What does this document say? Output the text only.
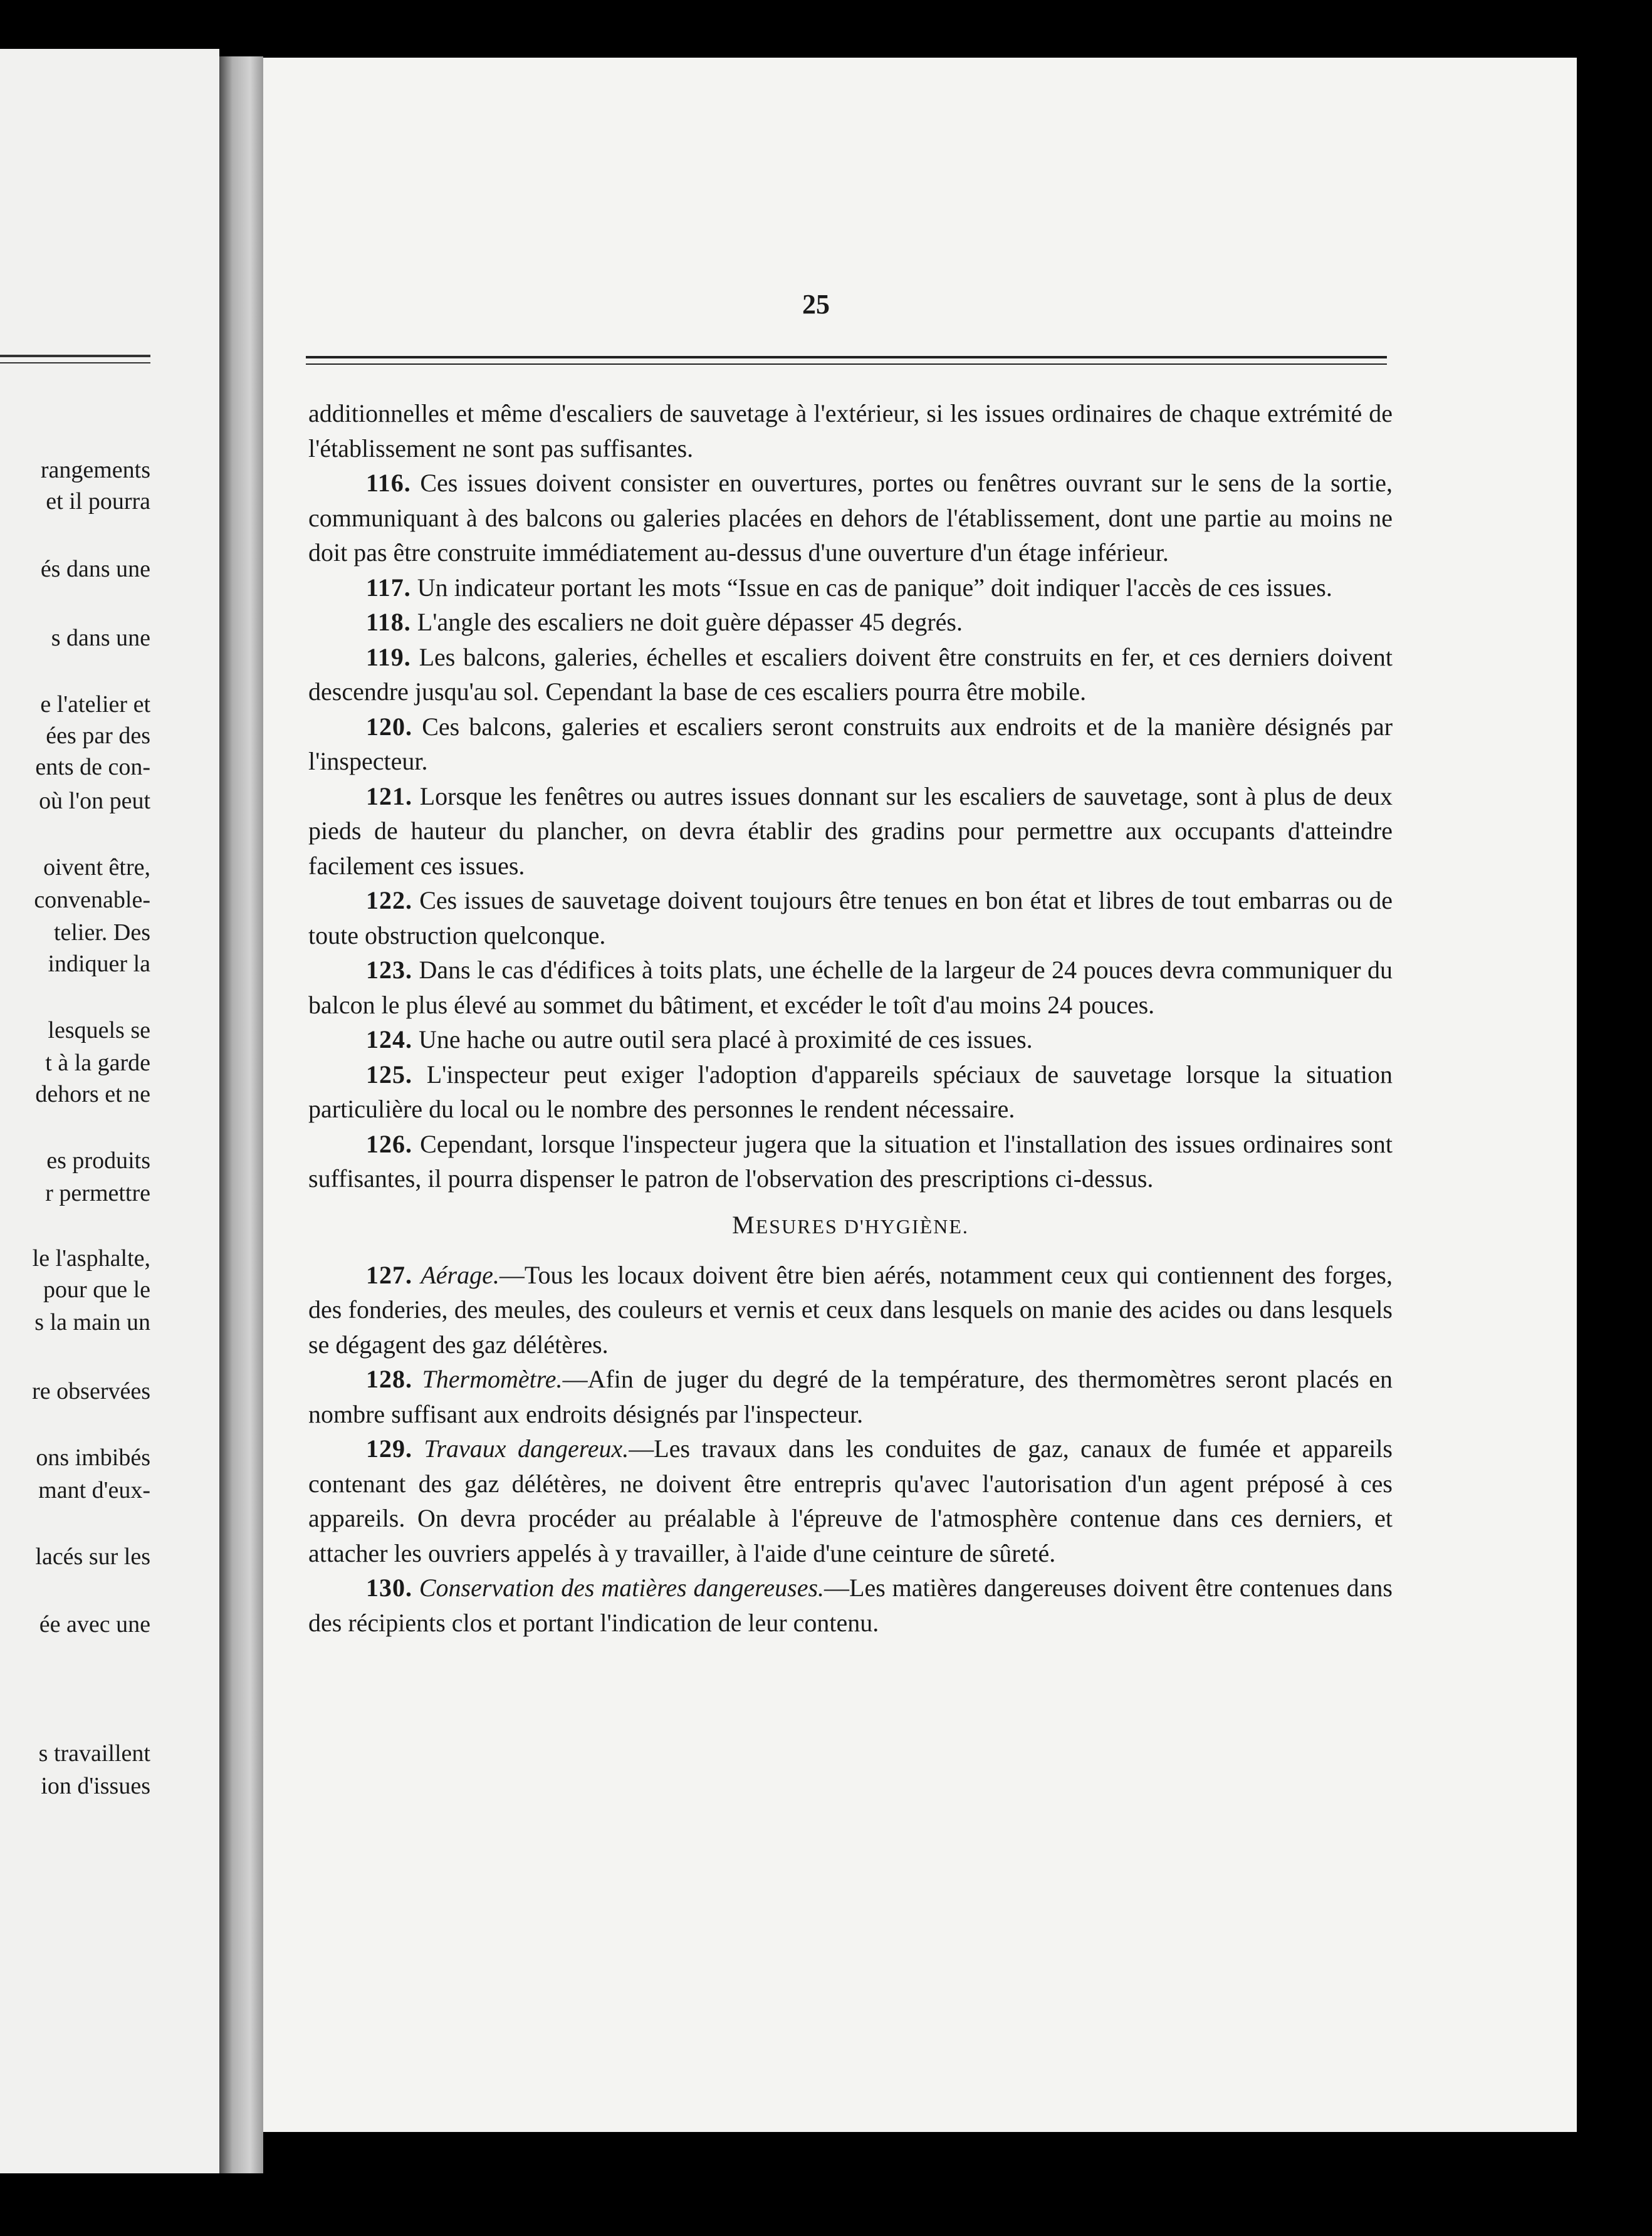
rangements
et il pourra
és dans une
s dans une
e l'atelier et
ées par des
ents de con-
où l'on peut
oivent être,
convenable-
telier. Des
indiquer la
lesquels se
t à la garde
dehors et ne
es produits
r permettre
le l'asphalte,
pour que le
s la main un
re observées
ons imbibés
mant d'eux-
lacés sur les
ée avec une
s travaillent
ion d'issues
25

additionnelles et même d'escaliers de sauvetage à l'extérieur, si les issues ordinaires de chaque extrémité de l'établissement ne sont pas suffisantes.

116. Ces issues doivent consister en ouvertures, portes ou fenêtres ouvrant sur le sens de la sortie, communiquant à des balcons ou galeries placées en dehors de l'établissement, dont une partie au moins ne doit pas être construite immédiatement au-dessus d'une ouverture d'un étage inférieur.

117. Un indicateur portant les mots “Issue en cas de panique” doit indiquer l'accès de ces issues.

118. L'angle des escaliers ne doit guère dépasser 45 degrés.

119. Les balcons, galeries, échelles et escaliers doivent être construits en fer, et ces derniers doivent descendre jusqu'au sol. Cependant la base de ces escaliers pourra être mobile.

120. Ces balcons, galeries et escaliers seront construits aux endroits et de la manière désignés par l'inspecteur.

121. Lorsque les fenêtres ou autres issues donnant sur les escaliers de sauvetage, sont à plus de deux pieds de hauteur du plancher, on devra établir des gradins pour permettre aux occupants d'atteindre facilement ces issues.

122. Ces issues de sauvetage doivent toujours être tenues en bon état et libres de tout embarras ou de toute obstruction quelconque.

123. Dans le cas d'édifices à toits plats, une échelle de la largeur de 24 pouces devra communiquer du balcon le plus élevé au sommet du bâtiment, et excéder le toît d'au moins 24 pouces.

124. Une hache ou autre outil sera placé à proximité de ces issues.

125. L'inspecteur peut exiger l'adoption d'appareils spéciaux de sauvetage lorsque la situation particulière du local ou le nombre des personnes le rendent nécessaire.

126. Cependant, lorsque l'inspecteur jugera que la situation et l'installation des issues ordinaires sont suffisantes, il pourra dispenser le patron de l'observation des prescriptions ci-dessus.

MESURES D'HYGIÈNE.

127. Aérage.—Tous les locaux doivent être bien aérés, notamment ceux qui contiennent des forges, des fonderies, des meules, des couleurs et vernis et ceux dans lesquels on manie des acides ou dans lesquels se dégagent des gaz délétères.

128. Thermomètre.—Afin de juger du degré de la température, des thermomètres seront placés en nombre suffisant aux endroits désignés par l'inspecteur.

129. Travaux dangereux.—Les travaux dans les conduites de gaz, canaux de fumée et appareils contenant des gaz délétères, ne doivent être entrepris qu'avec l'autorisation d'un agent préposé à ces appareils. On devra procéder au préalable à l'épreuve de l'atmosphère contenue dans ces derniers, et attacher les ouvriers appelés à y travailler, à l'aide d'une ceinture de sûreté.

130. Conservation des matières dangereuses.—Les matières dangereuses doivent être contenues dans des récipients clos et portant l'indication de leur contenu.
